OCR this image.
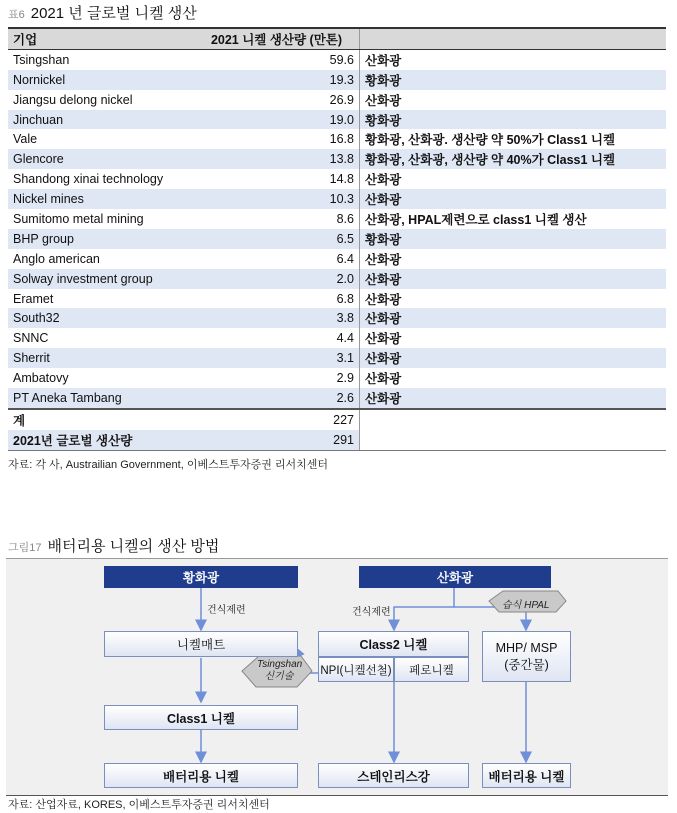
표6 2021 년 글로벌 니켈 생산
기업	2021 니켈 생산량 (만톤)	
Tsingshan	59.6	산화광
Nornickel	19.3	황화광
Jiangsu delong nickel	26.9	산화광
Jinchuan	19.0	황화광
Vale	16.8	황화광, 산화광. 생산량 약 50%가 Class1 니켈
Glencore	13.8	황화광, 산화광, 생산량 약 40%가 Class1 니켈
Shandong xinai technology	14.8	산화광
Nickel mines	10.3	산화광
Sumitomo metal mining	8.6	산화광, HPAL제련으로 class1 니켈 생산
BHP group	6.5	황화광
Anglo american	6.4	산화광
Solway investment group	2.0	산화광
Eramet	6.8	산화광
South32	3.8	산화광
SNNC	4.4	산화광
Sherrit	3.1	산화광
Ambatovy	2.9	산화광
PT Aneka Tambang	2.6	산화광
계	227	
2021년 글로벌 생산량	291	
자료: 각 사, Austrailian Government, 이베스트투자증권 리서치센터
그림17 배터리용 니켈의 생산 방법
황화광	산화광
건식제련	건식제련
습식 HPAL
니켈매트	Class2 니켈
NPI(니켈선철)	페로니켈
MHP/ MSP
(중간물)
Tsingshan
신기술
Class1 니켈
배터리용 니켈	스테인리스강	배터리용 니켈
자료: 산업자료, KORES, 이베스트투자증권 리서치센터
